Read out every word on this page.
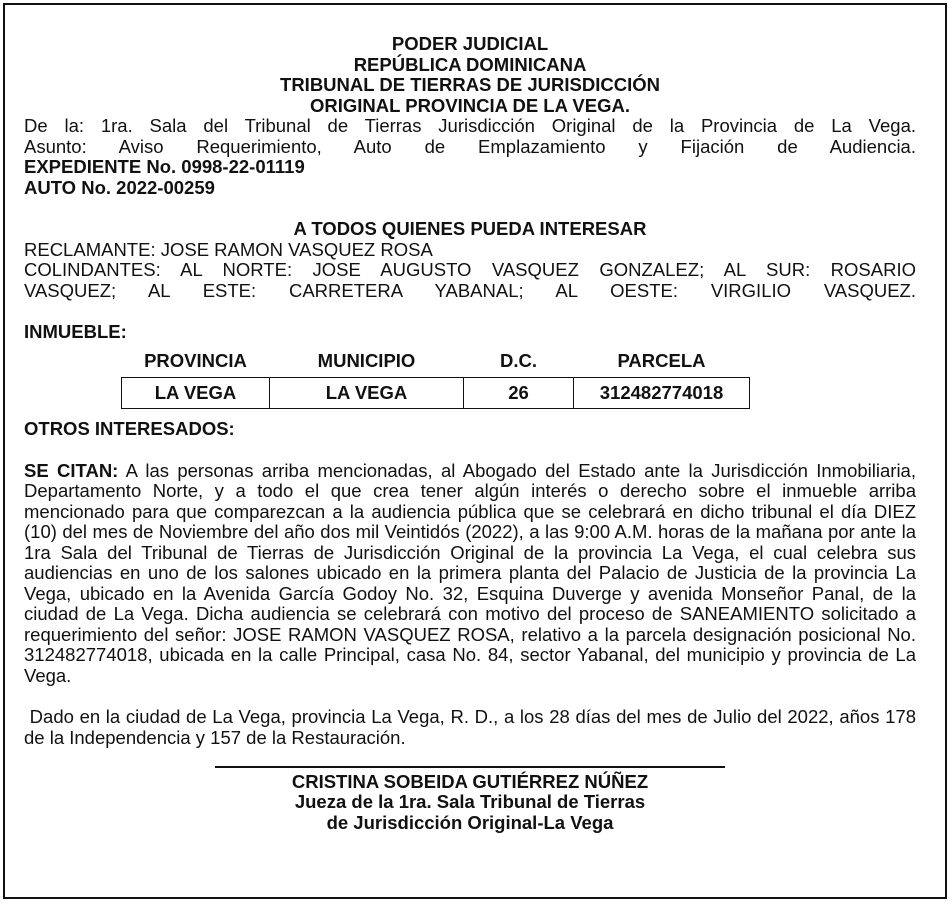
PODER JUDICIAL
REPÚBLICA DOMINICANA
TRIBUNAL DE TIERRAS DE JURISDICCIÓN
ORIGINAL PROVINCIA DE LA VEGA.
De la: 1ra. Sala del Tribunal de Tierras Jurisdicción Original de la Provincia de La Vega.
Asunto: Aviso Requerimiento, Auto de Emplazamiento y Fijación de Audiencia.
EXPEDIENTE No. 0998-22-01119
AUTO No. 2022-00259
A TODOS QUIENES PUEDA INTERESAR
RECLAMANTE: JOSE RAMON VASQUEZ ROSA
COLINDANTES: AL NORTE: JOSE AUGUSTO VASQUEZ GONZALEZ; AL SUR: ROSARIO
VASQUEZ; AL ESTE: CARRETERA YABANAL; AL OESTE: VIRGILIO VASQUEZ.
INMUEBLE:
PROVINCIA	MUNICIPIO	D.C.	PARCELA
LA VEGA	LA VEGA	26	312482774018
OTROS INTERESADOS:

SE CITAN: A las personas arriba mencionadas, al Abogado del Estado ante la Jurisdicción Inmobiliaria, Departamento Norte, y a todo el que crea tener algún interés o derecho sobre el inmueble arriba mencionado para que comparezcan a la audiencia pública que se celebrará en dicho tribunal el día DIEZ (10) del mes de Noviembre del año dos mil Veintidós (2022), a las 9:00 A.M. horas de la mañana por ante la 1ra Sala del Tribunal de Tierras de Jurisdicción Original de la provincia La Vega, el cual celebra sus audiencias en uno de los salones ubicado en la primera planta del Palacio de Justicia de la provincia La Vega, ubicado en la Avenida García Godoy No. 32, Esquina Duverge y avenida Monseñor Panal, de la ciudad de La Vega. Dicha audiencia se celebrará con motivo del proceso de SANEAMIENTO solicitado a requerimiento del señor: JOSE RAMON VASQUEZ ROSA, relativo a la parcela designación posicional No. 312482774018, ubicada en la calle Principal, casa No. 84, sector Yabanal, del municipio y provincia de La Vega.

Dado en la ciudad de La Vega, provincia La Vega, R. D., a los 28 días del mes de Julio del 2022, años 178 de la Independencia y 157 de la Restauración.

CRISTINA SOBEIDA GUTIÉRREZ NÚÑEZ
Jueza de la 1ra. Sala Tribunal de Tierras
de Jurisdicción Original-La Vega
